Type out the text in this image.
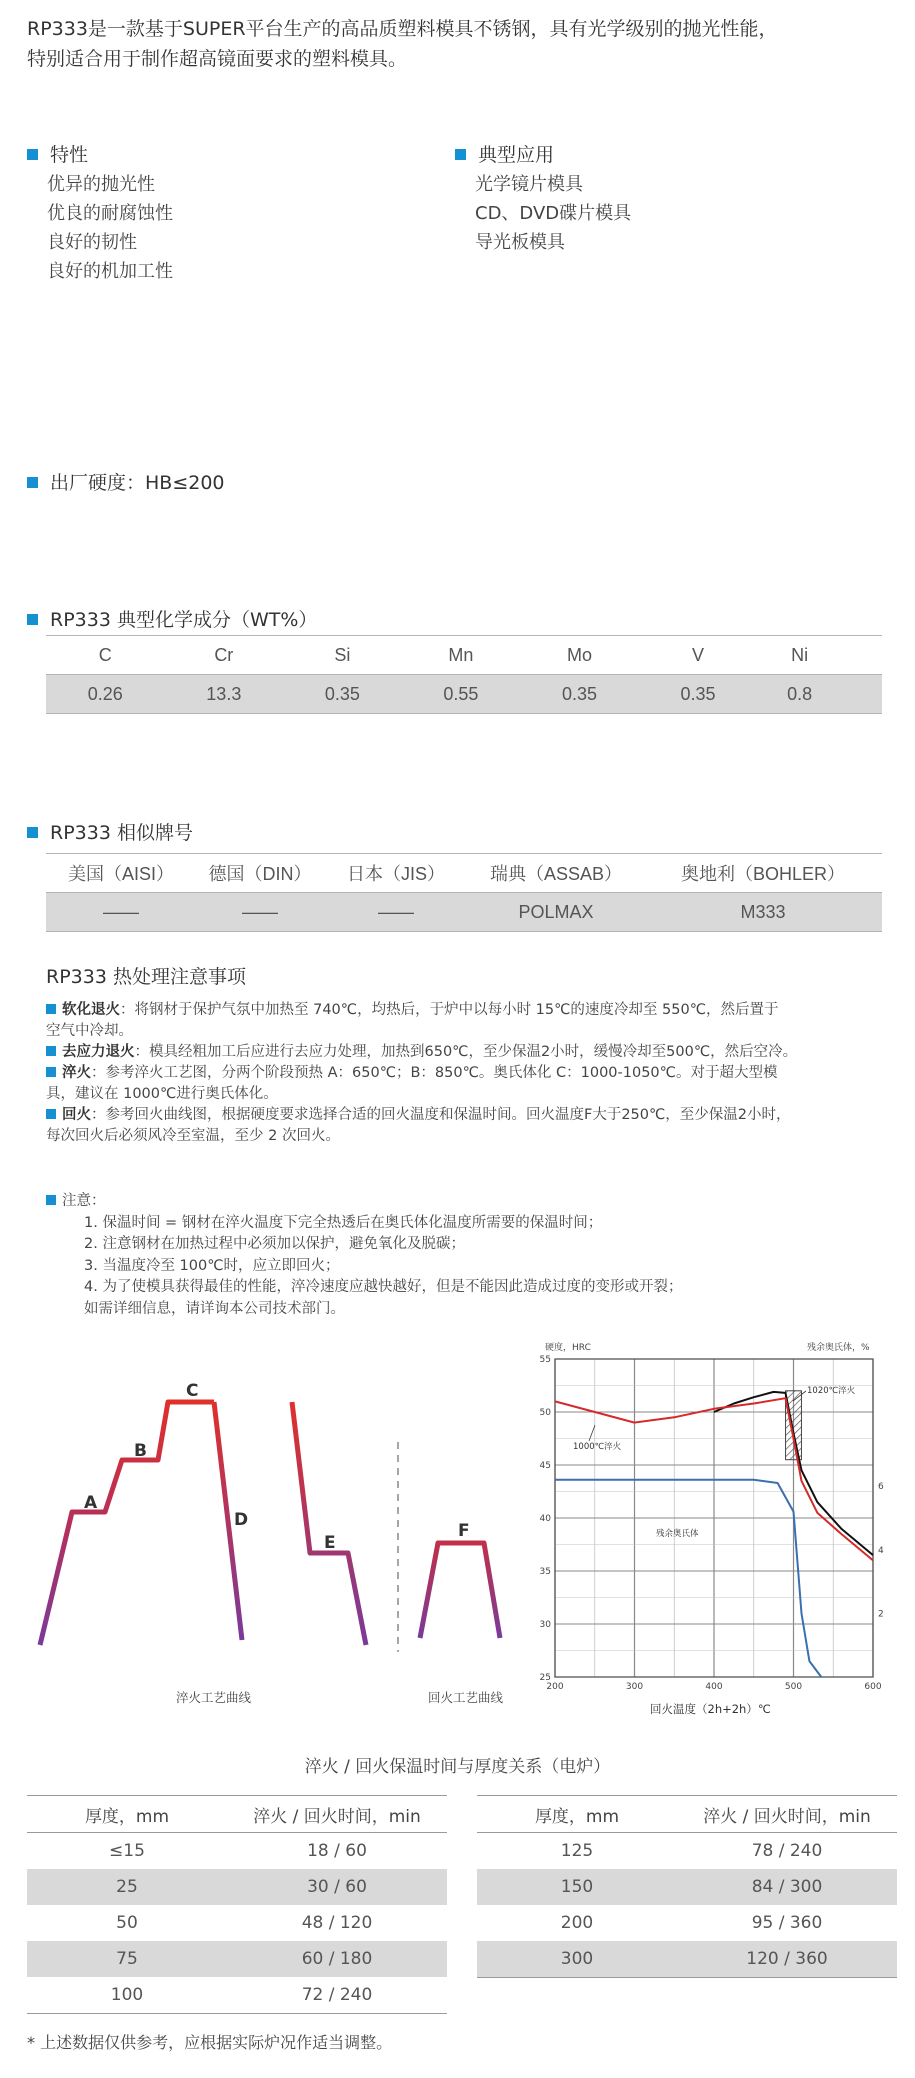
RP333是一款基于SUPER平台生产的高品质塑料模具不锈钢，具有光学级别的抛光性能，
特别适合用于制作超高镜面要求的塑料模具。
特性
优异的抛光性
优良的耐腐蚀性
良好的韧性
良好的机加工性
典型应用
光学镜片模具
CD、DVD碟片模具
导光板模具
出厂硬度：HB≤200
RP333 典型化学成分（WT%）
C	Cr	Si	Mn	Mo	V	Ni	
0.26	13.3	0.35	0.55	0.35	0.35	0.8	
RP333 相似牌号
美国（AISI）	德国（DIN）	日本（JIS）	瑞典（ASSAB）	奥地利（BOHLER）
——	——	——	POLMAX	M333
RP333 热处理注意事项
软化退火：将钢材于保护气氛中加热至 740℃，均热后，于炉中以每小时 15℃的速度冷却至 550℃，然后置于
空气中冷却。
去应力退火：模具经粗加工后应进行去应力处理，加热到650℃，至少保温2小时，缓慢冷却至500℃，然后空冷。
淬火：参考淬火工艺图，分两个阶段预热 A：650℃；B：850℃。奥氏体化 C：1000-1050℃。对于超大型模
具，建议在 1000℃进行奥氏体化。
回火：参考回火曲线图，根据硬度要求选择合适的回火温度和保温时间。回火温度F大于250℃，至少保温2小时，
每次回火后必须风冷至室温，至少 2 次回火。
注意：
1. 保温时间 = 钢材在淬火温度下完全热透后在奥氏体化温度所需要的保温时间；
2. 注意钢材在加热过程中必须加以保护，避免氧化及脱碳；
3. 当温度冷至 100℃时，应立即回火；
4. 为了使模具获得最佳的性能，淬冷速度应越快越好，但是不能因此造成过度的变形或开裂；
如需详细信息，请详询本公司技术部门。
A
B
C
D
E
F
淬火工艺曲线	回火工艺曲线
200	300	400	500	600
25
30
35
40
45
50
55
2
4
6
硬度，HRC	残余奥氏体，%
回火温度（2h+2h）℃
1020℃淬火
1000℃淬火
残余奥氏体
淬火 / 回火保温时间与厚度关系（电炉）
厚度，mm	淬火 / 回火时间，min
≤15	18 / 60
25	30 / 60
50	48 / 120
75	60 / 180
100	72 / 240
厚度，mm	淬火 / 回火时间，min
125	78 / 240
150	84 / 300
200	95 / 360
300	120 / 360
* 上述数据仅供参考，应根据实际炉况作适当调整。
